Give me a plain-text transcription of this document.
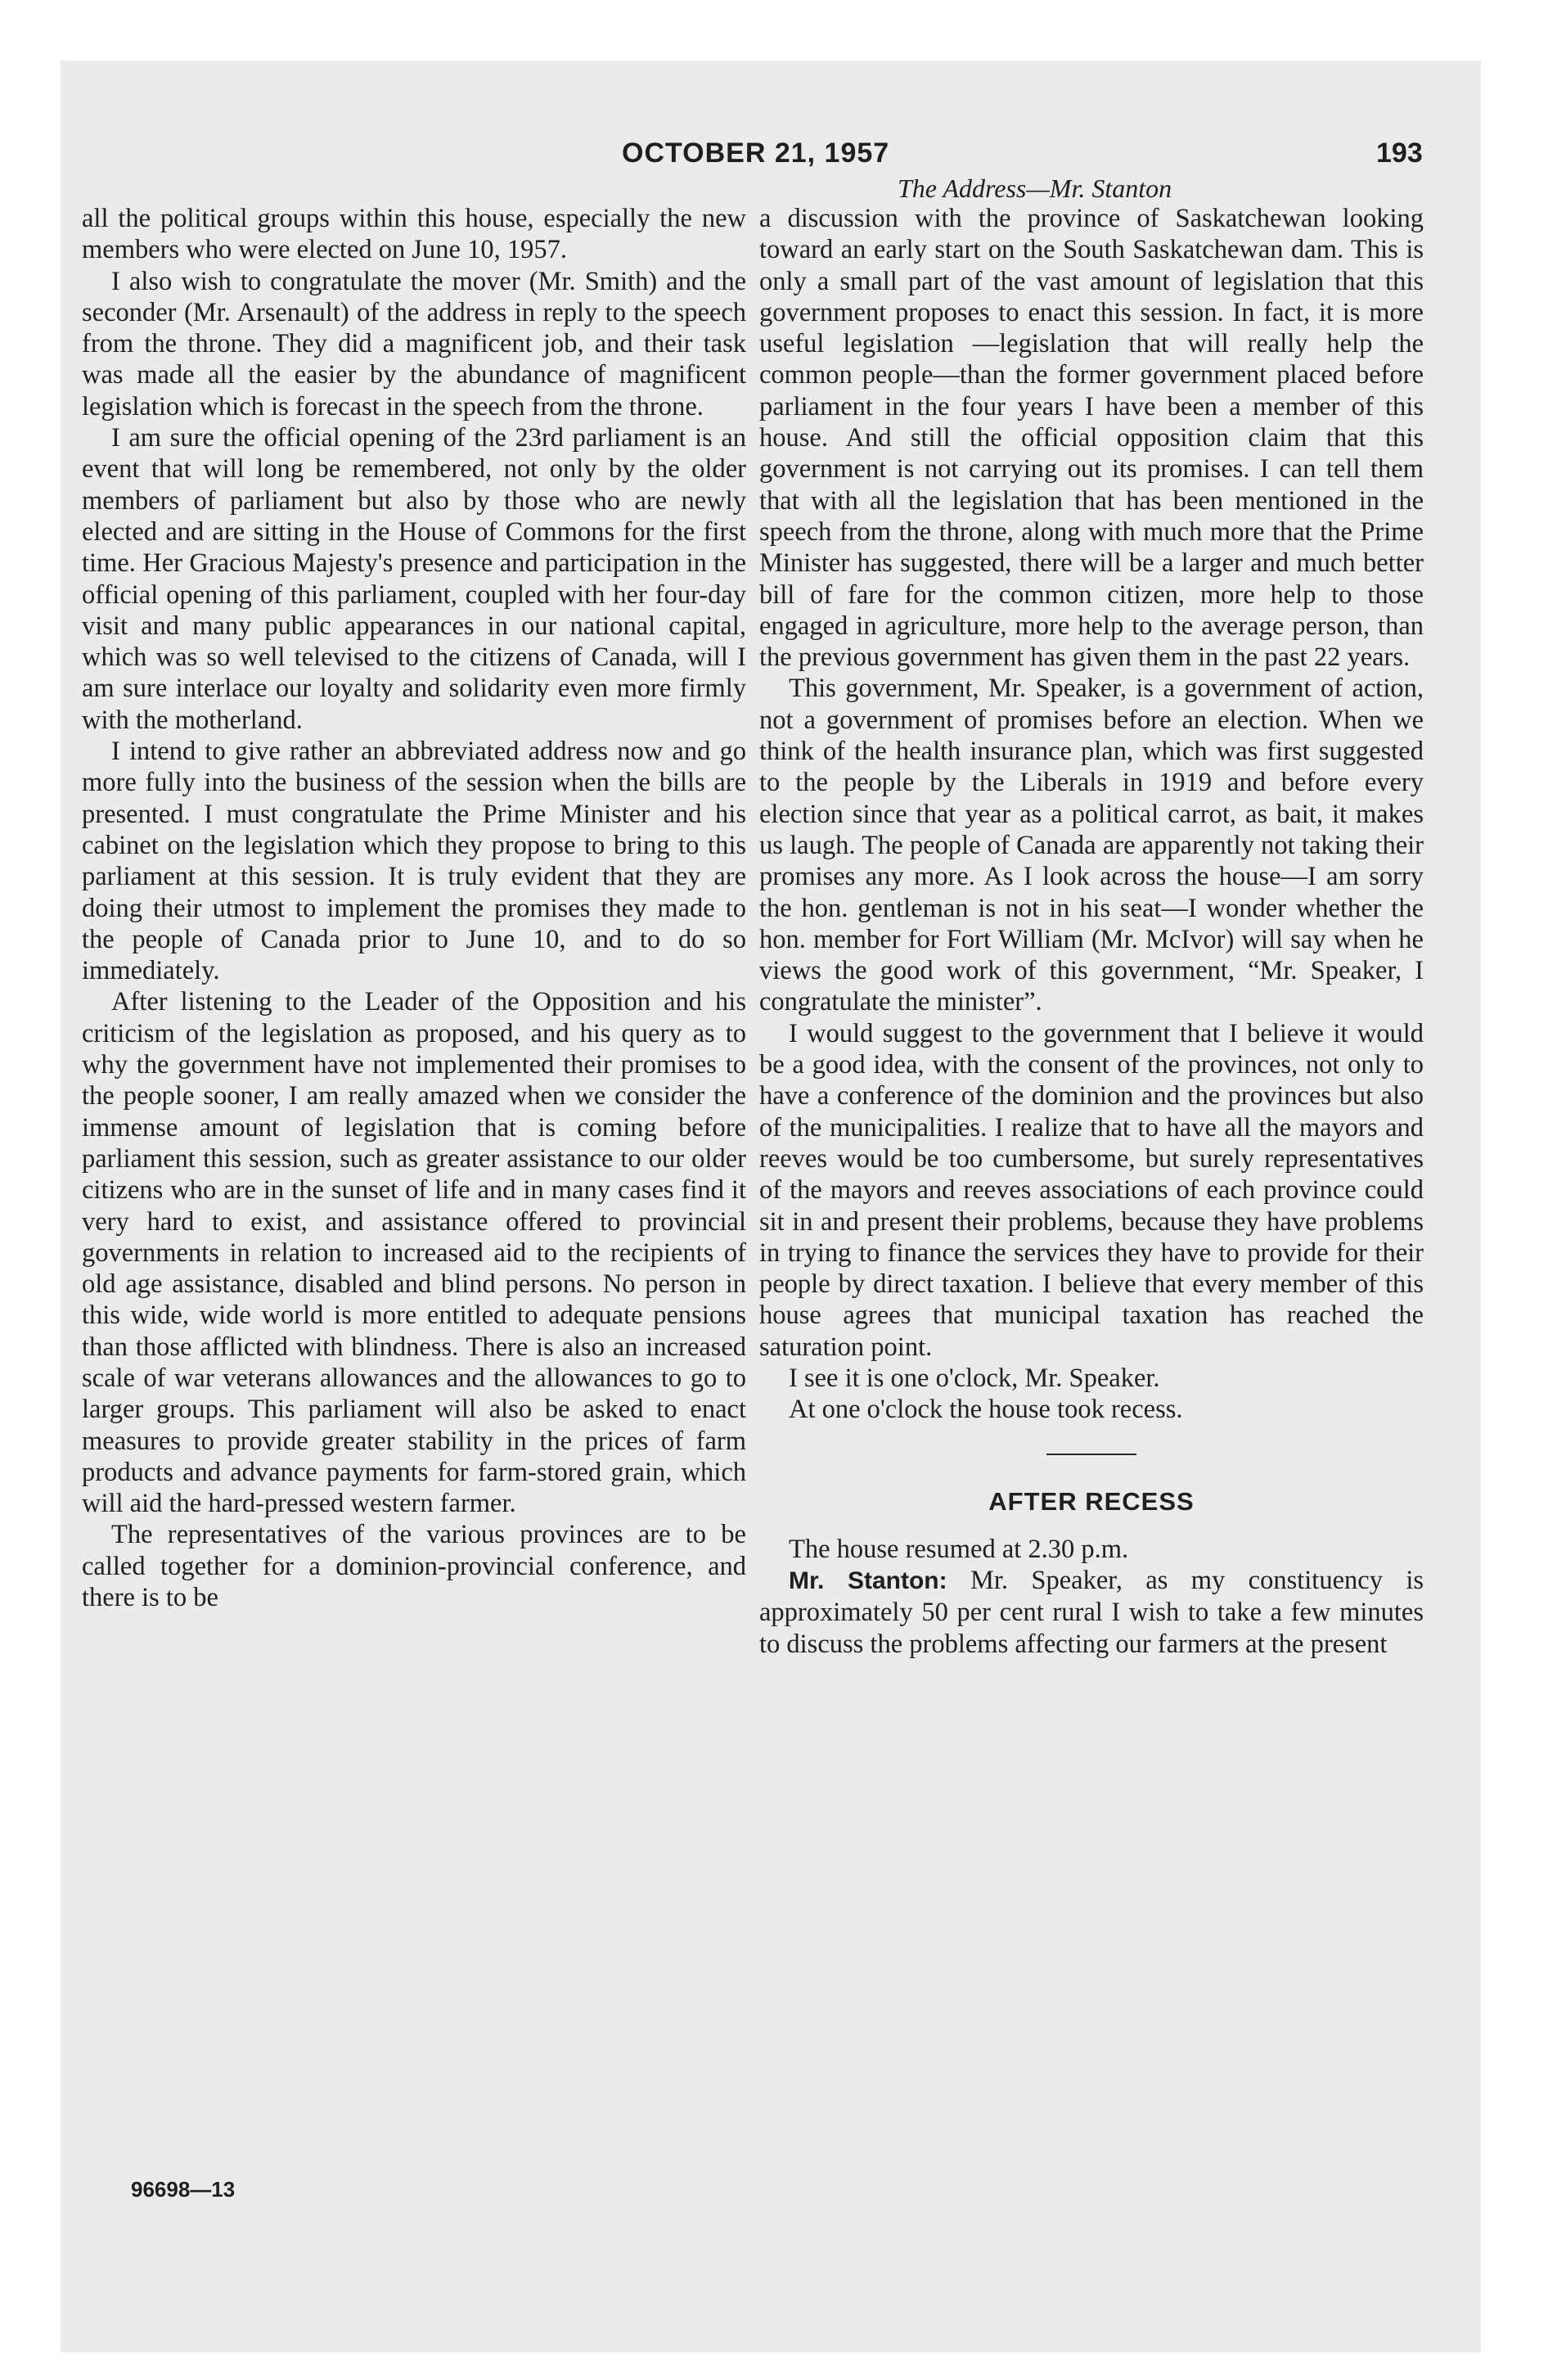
OCTOBER 21, 1957	193
The Address—Mr. Stanton

all the political groups within this house, especially the new members who were elected on June 10, 1957.

I also wish to congratulate the mover (Mr. Smith) and the seconder (Mr. Arsenault) of the address in reply to the speech from the throne. They did a magnificent job, and their task was made all the easier by the abundance of magnificent legislation which is forecast in the speech from the throne.

I am sure the official opening of the 23rd parliament is an event that will long be remembered, not only by the older members of parliament but also by those who are newly elected and are sitting in the House of Commons for the first time. Her Gracious Majesty's presence and participation in the official opening of this parliament, coupled with her four-day visit and many public appearances in our national capital, which was so well televised to the citizens of Canada, will I am sure interlace our loyalty and solidarity even more firmly with the motherland.

I intend to give rather an abbreviated address now and go more fully into the business of the session when the bills are presented. I must congratulate the Prime Minister and his cabinet on the legislation which they propose to bring to this parliament at this session. It is truly evident that they are doing their utmost to implement the promises they made to the people of Canada prior to June 10, and to do so immediately.

After listening to the Leader of the Opposition and his criticism of the legislation as proposed, and his query as to why the government have not implemented their promises to the people sooner, I am really amazed when we consider the immense amount of legislation that is coming before parliament this session, such as greater assistance to our older citizens who are in the sunset of life and in many cases find it very hard to exist, and assistance offered to provincial governments in relation to increased aid to the recipients of old age assistance, disabled and blind persons. No person in this wide, wide world is more entitled to adequate pensions than those afflicted with blindness. There is also an increased scale of war veterans allowances and the allowances to go to larger groups. This parliament will also be asked to enact measures to provide greater stability in the prices of farm products and advance payments for farm-stored grain, which will aid the hard-pressed western farmer.

The representatives of the various provinces are to be called together for a dominion-provincial conference, and there is to be

a discussion with the province of Saskatchewan looking toward an early start on the South Saskatchewan dam. This is only a small part of the vast amount of legislation that this government proposes to enact this session. In fact, it is more useful legislation —legislation that will really help the common people—than the former government placed before parliament in the four years I have been a member of this house. And still the official opposition claim that this government is not carrying out its promises. I can tell them that with all the legislation that has been mentioned in the speech from the throne, along with much more that the Prime Minister has suggested, there will be a larger and much better bill of fare for the common citizen, more help to those engaged in agriculture, more help to the average person, than the previous government has given them in the past 22 years.

This government, Mr. Speaker, is a government of action, not a government of promises before an election. When we think of the health insurance plan, which was first suggested to the people by the Liberals in 1919 and before every election since that year as a political carrot, as bait, it makes us laugh. The people of Canada are apparently not taking their promises any more. As I look across the house—I am sorry the hon. gentleman is not in his seat—I wonder whether the hon. member for Fort William (Mr. McIvor) will say when he views the good work of this government, “Mr. Speaker, I congratulate the minister”.

I would suggest to the government that I believe it would be a good idea, with the consent of the provinces, not only to have a conference of the dominion and the provinces but also of the municipalities. I realize that to have all the mayors and reeves would be too cumbersome, but surely representatives of the mayors and reeves associations of each province could sit in and present their problems, because they have problems in trying to finance the services they have to provide for their people by direct taxation. I believe that every member of this house agrees that municipal taxation has reached the saturation point.

I see it is one o'clock, Mr. Speaker.

At one o'clock the house took recess.

AFTER RECESS

The house resumed at 2.30 p.m.

Mr. Stanton: Mr. Speaker, as my constituency is approximately 50 per cent rural I wish to take a few minutes to discuss the problems affecting our farmers at the present

96698—13
